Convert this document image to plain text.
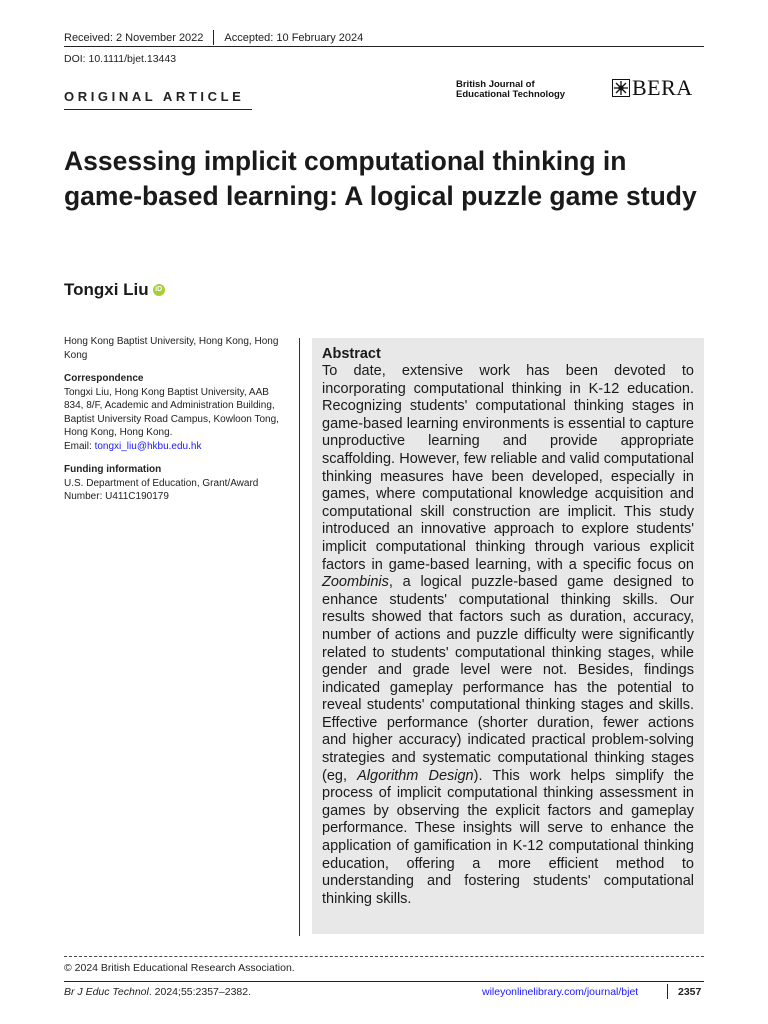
Received: 2 November 2022 Accepted: 10 February 2024
DOI: 10.1111/bjet.13443
ORIGINAL ARTICLE
British Journal of
Educational Technology	BERA
Assessing implicit computational thinking in game-based learning: A logical puzzle game study
Tongxi Liu iD

Hong Kong Baptist University, Hong Kong, Hong Kong

Correspondence
Tongxi Liu, Hong Kong Baptist University, AAB 834, 8/F, Academic and Administration Building, Baptist University Road Campus, Kowloon Tong, Hong Kong, Hong Kong.
Email: tongxi_liu@hkbu.edu.hk

Funding information
U.S. Department of Education, Grant/Award Number: U411C190179

Abstract

To date, extensive work has been devoted to incorporating computational thinking in K-12 education. Recognizing students' computational thinking stages in game-based learning environments is essential to capture unproductive learning and provide appropriate scaffolding. However, few reliable and valid computational thinking measures have been developed, especially in games, where computational knowledge acquisition and computational skill construction are implicit. This study introduced an innovative approach to explore students' implicit computational thinking through various explicit factors in game-based learning, with a specific focus on Zoombinis, a logical puzzle-based game designed to enhance students' computational thinking skills. Our results showed that factors such as duration, accuracy, number of actions and puzzle difficulty were significantly related to students' computational thinking stages, while gender and grade level were not. Besides, findings indicated gameplay performance has the potential to reveal students' computational thinking stages and skills. Effective performance (shorter duration, fewer actions and higher accuracy) indicated practical problem-solving strategies and systematic computational thinking stages (eg, Algorithm Design). This work helps simplify the process of implicit computational thinking assessment in games by observing the explicit factors and gameplay performance. These insights will serve to enhance the application of gamification in K-12 computational thinking education, offering a more efficient method to understanding and fostering students' computational thinking skills.

© 2024 British Educational Research Association.
Br J Educ Technol. 2024;55:2357–2382.	wileyonlinelibrary.com/journal/bjet	2357
